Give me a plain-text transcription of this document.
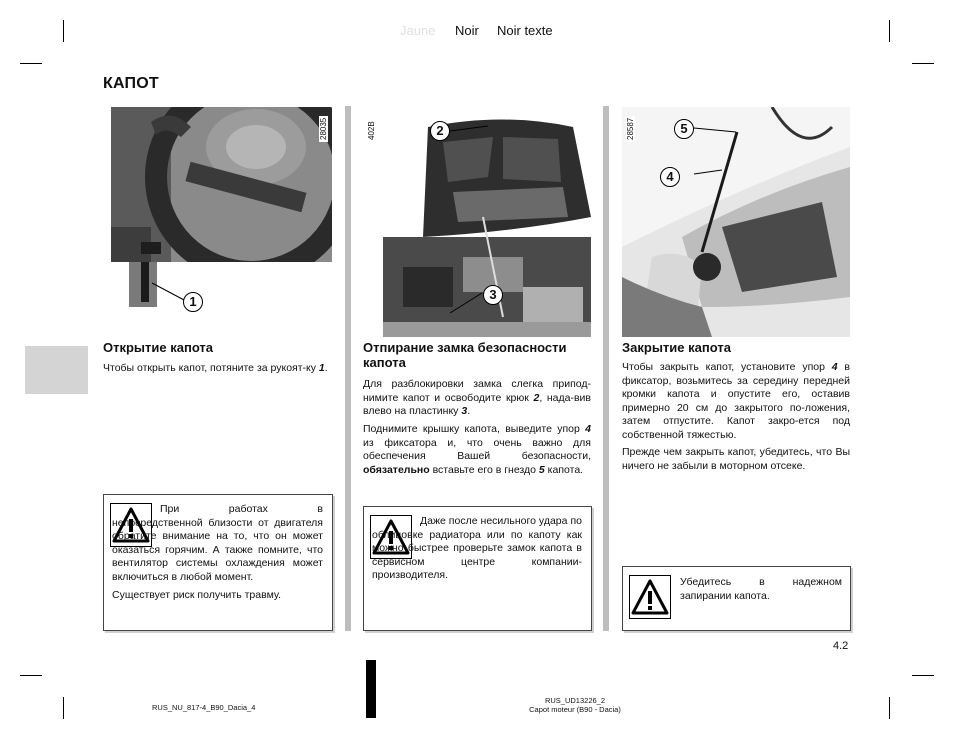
Jaune Noir Noir texte
КАПОТ
28035
1
402B	2
3
28587	5
4
Открытие капота

Чтобы открыть капот, потяните за рукоят-ку 1.

Отпирание замка безопасности капота

Для разблокировки замка слегка припод-нимите капот и освободите крюк 2, нада-вив влево на пластинку 3.

Поднимите крышку капота, выведите упор 4 из фиксатора и, что очень важно для обеспечения Вашей безопасности, обязательно вставьте его в гнездо 5 капота.

Закрытие капота

Чтобы закрыть капот, установите упор 4 в фиксатор, возьмитесь за середину передней кромки капота и опустите его, оставив примерно 20 см до закрытого по-ложения, затем отпустите. Капот закро-ется под собственной тяжестью.

Прежде чем закрыть капот, убедитесь, что Вы ничего не забыли в моторном отсеке.

При работах в непосредственной близости от двигателя обратите внимание на то, что он может оказаться горячим. А также помните, что вентилятор системы охлаждения может включиться в любой момент.
Существует риск получить травму.
Даже после несильного удара по облицовке радиатора или по капоту как можно быстрее проверьте замок капота в сервисном центре компании-производителя.
Убедитесь в надежном запирании капота.
4.2
RUS_NU_817-4_B90_Dacia_4
RUS_UD13226_2
Capot moteur (B90 - Dacia)
